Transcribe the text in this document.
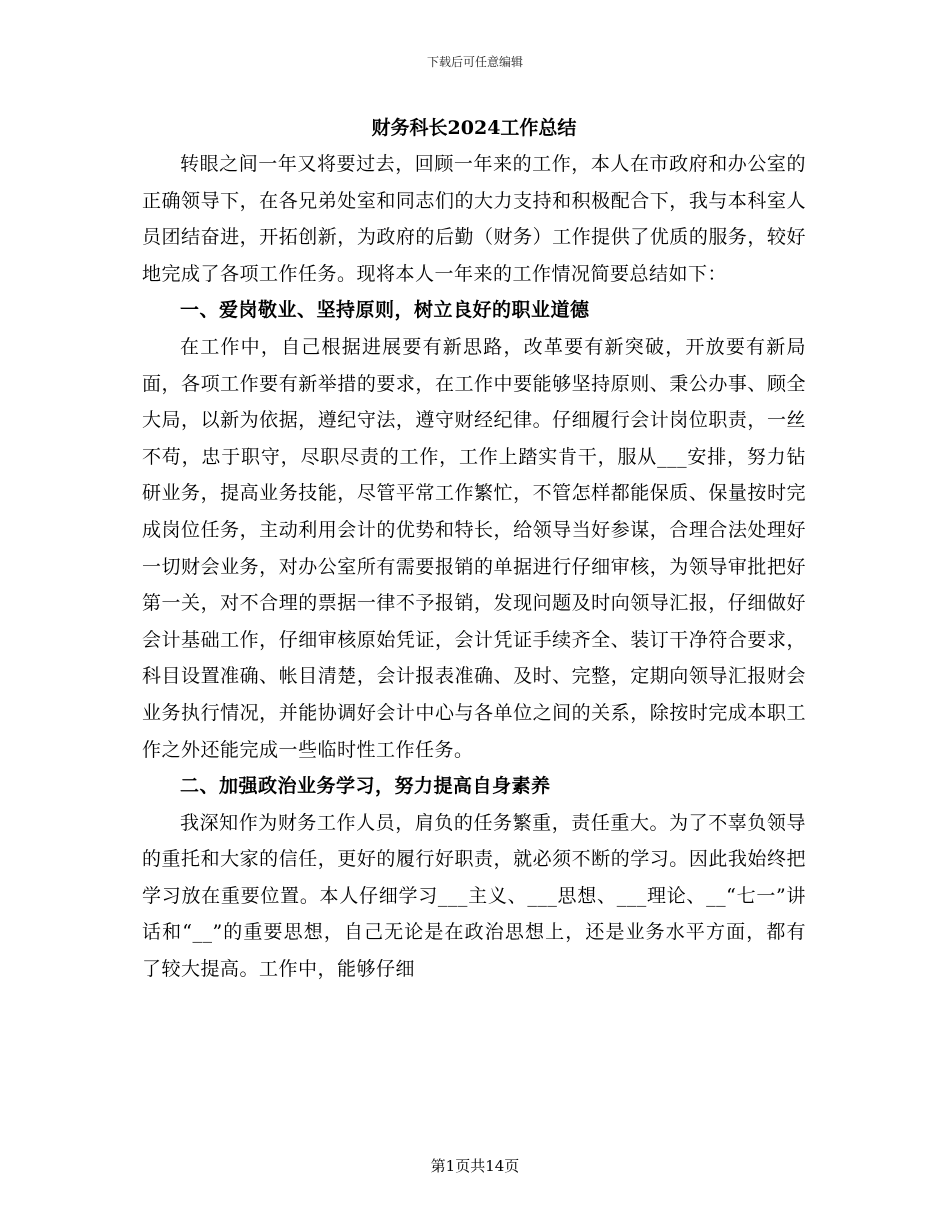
下载后可任意编辑
财务科长2024工作总结

转眼之间一年又将要过去，回顾一年来的工作，本人在市政府和办公室的正确领导下，在各兄弟处室和同志们的大力支持和积极配合下，我与本科室人员团结奋进，开拓创新，为政府的后勤（财务）工作提供了优质的服务，较好地完成了各项工作任务。现将本人一年来的工作情况简要总结如下：

一、爱岗敬业、坚持原则，树立良好的职业道德

在工作中，自己根据进展要有新思路，改革要有新突破，开放要有新局面，各项工作要有新举措的要求，在工作中要能够坚持原则、秉公办事、顾全大局，以新为依据，遵纪守法，遵守财经纪律。仔细履行会计岗位职责，一丝不苟，忠于职守，尽职尽责的工作，工作上踏实肯干，服从___安排，努力钻研业务，提高业务技能，尽管平常工作繁忙，不管怎样都能保质、保量按时完成岗位任务，主动利用会计的优势和特长，给领导当好参谋，合理合法处理好一切财会业务，对办公室所有需要报销的单据进行仔细审核，为领导审批把好第一关，对不合理的票据一律不予报销，发现问题及时向领导汇报，仔细做好会计基础工作，仔细审核原始凭证，会计凭证手续齐全、装订干净符合要求，科目设置准确、帐目清楚，会计报表准确、及时、完整，定期向领导汇报财会业务执行情况，并能协调好会计中心与各单位之间的关系，除按时完成本职工作之外还能完成一些临时性工作任务。

二、加强政治业务学习，努力提高自身素养

我深知作为财务工作人员，肩负的任务繁重，责任重大。为了不辜负领导的重托和大家的信任，更好的履行好职责，就必须不断的学习。因此我始终把学习放在重要位置。本人仔细学习___主义、___思想、___理论、__“七一”讲话和“__”的重要思想，自己无论是在政治思想上，还是业务水平方面，都有了较大提高。工作中，能够仔细

第1页共14页
